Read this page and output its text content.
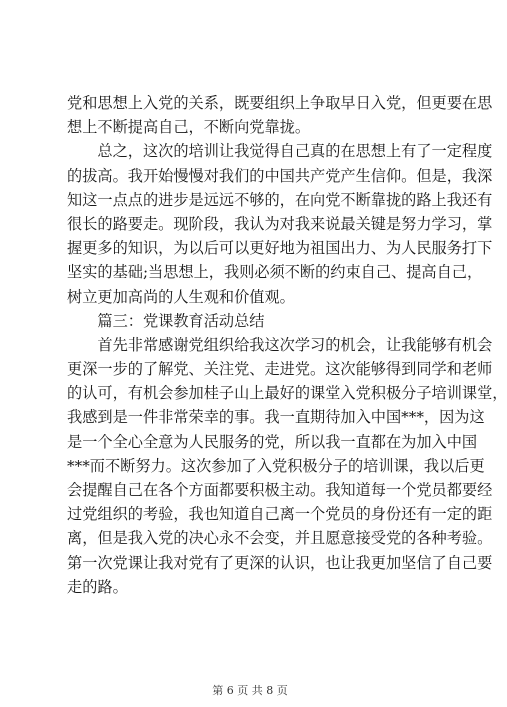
党和思想上入党的关系，既要组织上争取早日入党，但更要在思
想上不断提高自己，不断向党靠拢。
　　总之，这次的培训让我觉得自己真的在思想上有了一定程度
的拔高。我开始慢慢对我们的中国共产党产生信仰。但是，我深
知这一点点的进步是远远不够的，在向党不断靠拢的路上我还有
很长的路要走。现阶段，我认为对我来说最关键是努力学习，掌
握更多的知识，为以后可以更好地为祖国出力、为人民服务打下
坚实的基础;当思想上，我则必须不断的约束自己、提高自己，
树立更加高尚的人生观和价值观。
　　篇三：党课教育活动总结
　　首先非常感谢党组织给我这次学习的机会，让我能够有机会
更深一步的了解党、关注党、走进党。这次能够得到同学和老师
的认可，有机会参加桂子山上最好的课堂入党积极分子培训课堂，
我感到是一件非常荣幸的事。我一直期待加入中国***，因为这
是一个全心全意为人民服务的党，所以我一直都在为加入中国
***而不断努力。这次参加了入党积极分子的培训课，我以后更
会提醒自己在各个方面都要积极主动。我知道每一个党员都要经
过党组织的考验，我也知道自己离一个党员的身份还有一定的距
离，但是我入党的决心永不会变，并且愿意接受党的各种考验。
第一次党课让我对党有了更深的认识，也让我更加坚信了自己要
走的路。
第 6 页 共 8 页
